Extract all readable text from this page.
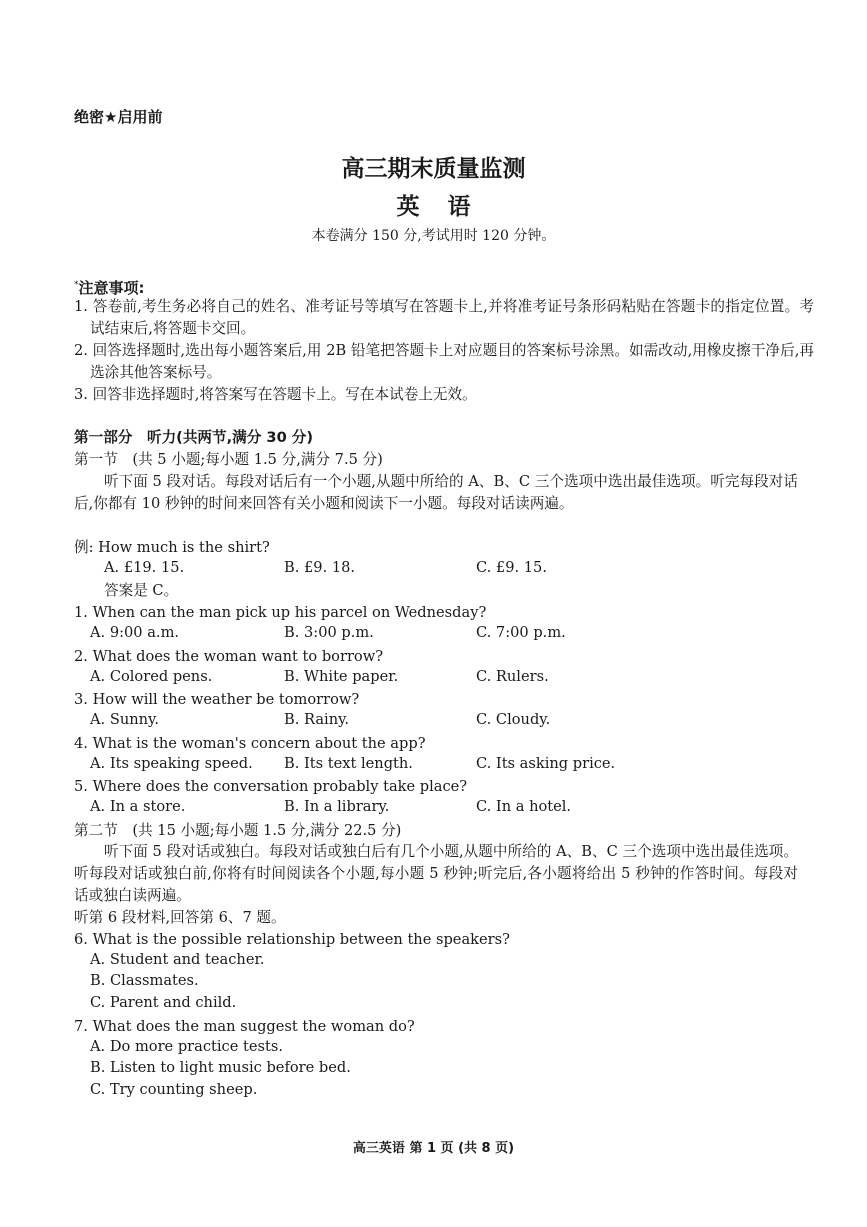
绝密★启用前
高三期末质量监测
英语
本卷满分 150 分,考试用时 120 分钟。
*注意事项:
1. 答卷前,考生务必将自己的姓名、准考证号等填写在答题卡上,并将准考证号条形码粘贴在答题卡的指定位置。考试结束后,将答题卡交回。
2. 回答选择题时,选出每小题答案后,用 2B 铅笔把答题卡上对应题目的答案标号涂黑。如需改动,用橡皮擦干净后,再选涂其他答案标号。
3. 回答非选择题时,将答案写在答题卡上。写在本试卷上无效。
第一部分　听力(共两节,满分 30 分)
第一节　(共 5 小题;每小题 1.5 分,满分 7.5 分)
听下面 5 段对话。每段对话后有一个小题,从题中所给的 A、B、C 三个选项中选出最佳选项。听完每段对话后,你都有 10 秒钟的时间来回答有关小题和阅读下一小题。每段对话读两遍。
例: How much is the shirt?
A. £19. 15.	B. £9. 18.	C. £9. 15.
答案是 C。
1. When can the man pick up his parcel on Wednesday?
A. 9:00 a.m.	B. 3:00 p.m.	C. 7:00 p.m.
2. What does the woman want to borrow?
A. Colored pens.	B. White paper.	C. Rulers.
3. How will the weather be tomorrow?
A. Sunny.	B. Rainy.	C. Cloudy.
4. What is the woman's concern about the app?
A. Its speaking speed. B. Its text length.	C. Its asking price.
5. Where does the conversation probably take place?
A. In a store.	B. In a library.	C. In a hotel.
第二节　(共 15 小题;每小题 1.5 分,满分 22.5 分)
听下面 5 段对话或独白。每段对话或独白后有几个小题,从题中所给的 A、B、C 三个选项中选出最佳选项。听每段对话或独白前,你将有时间阅读各个小题,每小题 5 秒钟;听完后,各小题将给出 5 秒钟的作答时间。每段对话或独白读两遍。
听第 6 段材料,回答第 6、7 题。
6. What is the possible relationship between the speakers?
A. Student and teacher.
B. Classmates.
C. Parent and child.
7. What does the man suggest the woman do?
A. Do more practice tests.
B. Listen to light music before bed.
C. Try counting sheep.
高三英语 第 1 页 (共 8 页)
